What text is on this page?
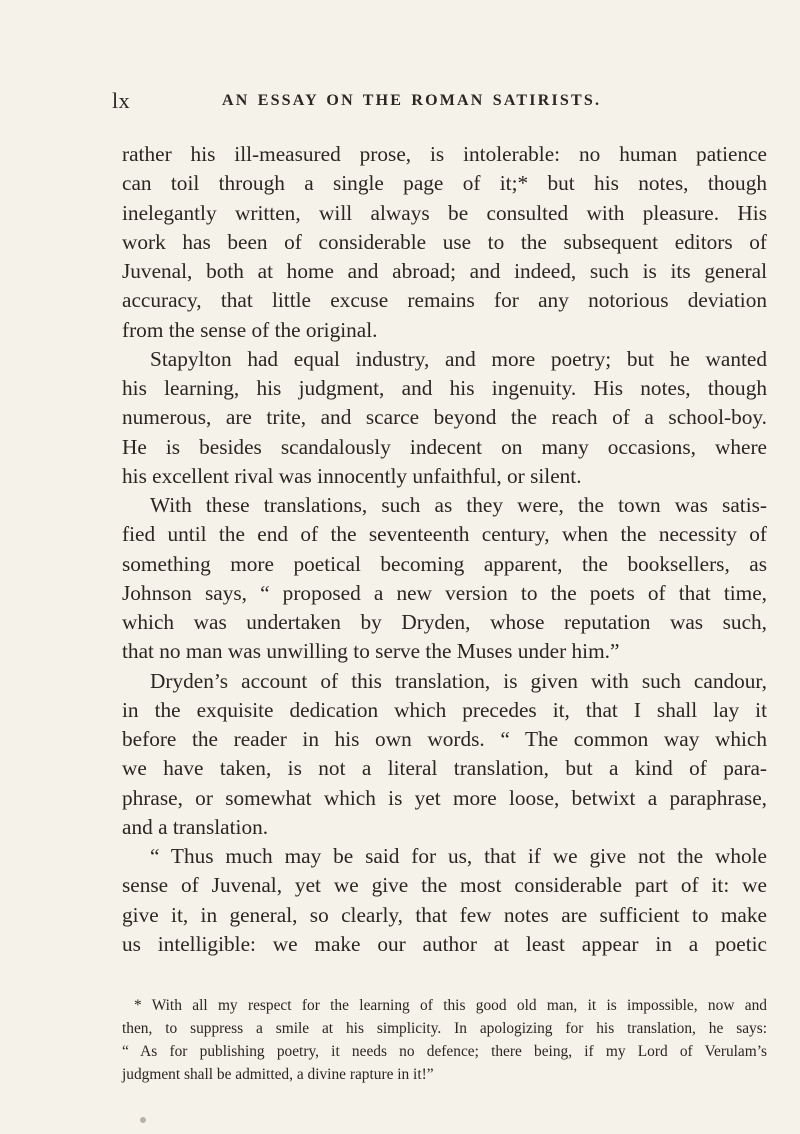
lx	AN ESSAY ON THE ROMAN SATIRISTS.

rather his ill-measured prose, is intolerable: no human patience
can toil through a single page of it;* but his notes, though
inelegantly written, will always be consulted with pleasure. His
work has been of considerable use to the subsequent editors of
Juvenal, both at home and abroad; and indeed, such is its general
accuracy, that little excuse remains for any notorious deviation
from the sense of the original.

Stapylton had equal industry, and more poetry; but he wanted
his learning, his judgment, and his ingenuity. His notes, though
numerous, are trite, and scarce beyond the reach of a school-boy.
He is besides scandalously indecent on many occasions, where
his excellent rival was innocently unfaithful, or silent.

With these translations, such as they were, the town was satis-
fied until the end of the seventeenth century, when the necessity of
something more poetical becoming apparent, the booksellers, as
Johnson says, “ proposed a new version to the poets of that time,
which was undertaken by Dryden, whose reputation was such,
that no man was unwilling to serve the Muses under him.”

Dryden’s account of this translation, is given with such candour,
in the exquisite dedication which precedes it, that I shall lay it
before the reader in his own words. “ The common way which
we have taken, is not a literal translation, but a kind of para-
phrase, or somewhat which is yet more loose, betwixt a paraphrase,
and a translation.

“ Thus much may be said for us, that if we give not the whole
sense of Juvenal, yet we give the most considerable part of it: we
give it, in general, so clearly, that few notes are sufficient to make
us intelligible: we make our author at least appear in a poetic

* With all my respect for the learning of this good old man, it is impossible, now and
then, to suppress a smile at his simplicity. In apologizing for his translation, he says:
“ As for publishing poetry, it needs no defence; there being, if my Lord of Verulam’s
judgment shall be admitted, a divine rapture in it!”
